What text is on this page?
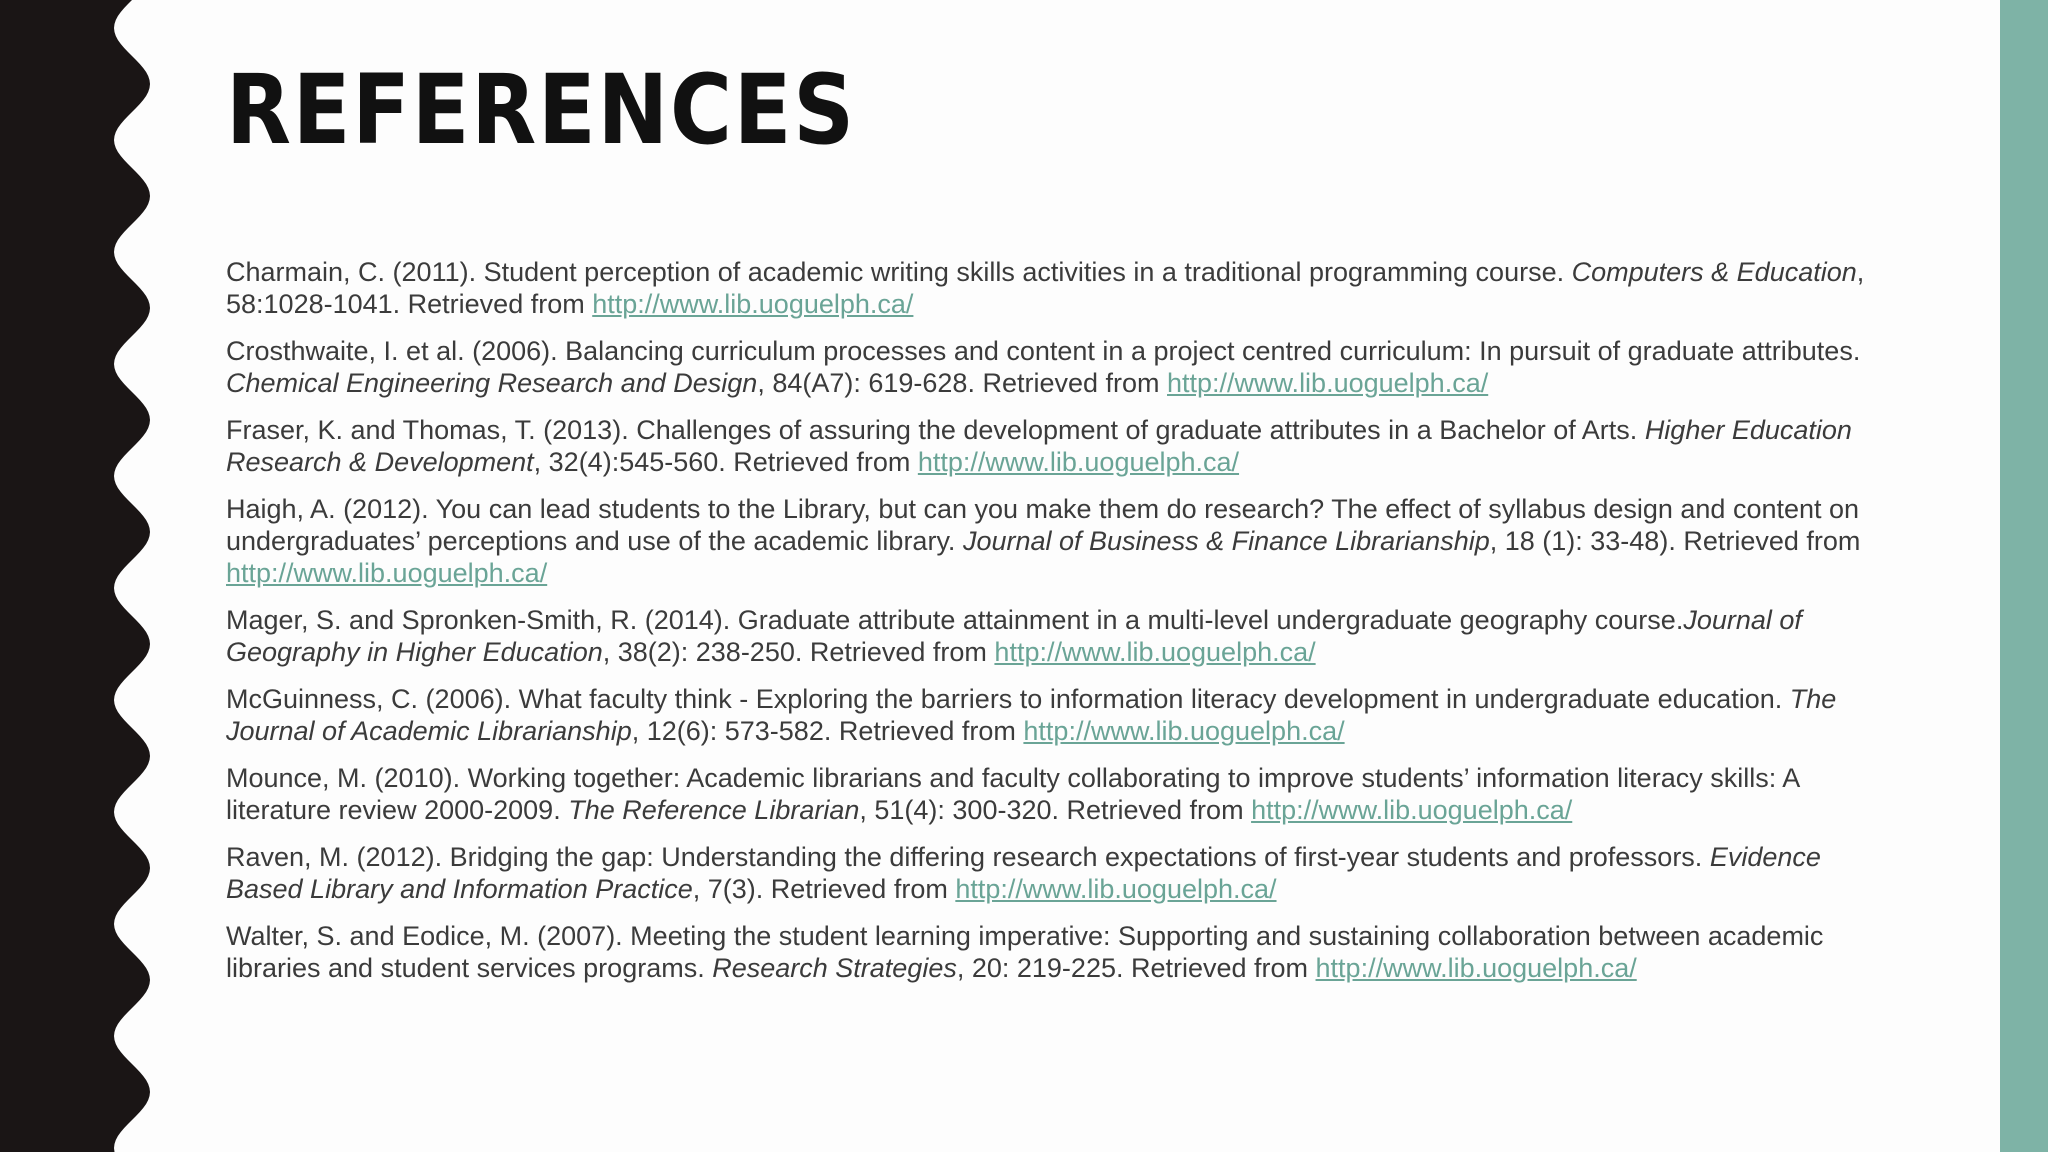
REFERENCES

Charmain, C. (2011). Student perception of academic writing skills activities in a traditional programming course. Computers & Education, 58:1028-1041. Retrieved from http://www.lib.uoguelph.ca/

Crosthwaite, I. et al. (2006). Balancing curriculum processes and content in a project centred curriculum: In pursuit of graduate attributes. Chemical Engineering Research and Design, 84(A7): 619-628. Retrieved from http://www.lib.uoguelph.ca/

Fraser, K. and Thomas, T. (2013). Challenges of assuring the development of graduate attributes in a Bachelor of Arts. Higher Education Research & Development, 32(4):545-560. Retrieved from http://www.lib.uoguelph.ca/

Haigh, A. (2012). You can lead students to the Library, but can you make them do research? The effect of syllabus design and content on undergraduates’ perceptions and use of the academic library. Journal of Business & Finance Librarianship, 18 (1): 33-48). Retrieved from http://www.lib.uoguelph.ca/

Mager, S. and Spronken-Smith, R. (2014). Graduate attribute attainment in a multi-level undergraduate geography course.Journal of Geography in Higher Education, 38(2): 238-250. Retrieved from http://www.lib.uoguelph.ca/

McGuinness, C. (2006). What faculty think - Exploring the barriers to information literacy development in undergraduate education. The Journal of Academic Librarianship, 12(6): 573-582. Retrieved from http://www.lib.uoguelph.ca/

Mounce, M. (2010). Working together: Academic librarians and faculty collaborating to improve students’ information literacy skills: A literature review 2000-2009. The Reference Librarian, 51(4): 300-320. Retrieved from http://www.lib.uoguelph.ca/

Raven, M. (2012). Bridging the gap: Understanding the differing research expectations of first-year students and professors. Evidence Based Library and Information Practice, 7(3). Retrieved from http://www.lib.uoguelph.ca/

Walter, S. and Eodice, M. (2007). Meeting the student learning imperative: Supporting and sustaining collaboration between academic libraries and student services programs. Research Strategies, 20: 219-225. Retrieved from http://www.lib.uoguelph.ca/
